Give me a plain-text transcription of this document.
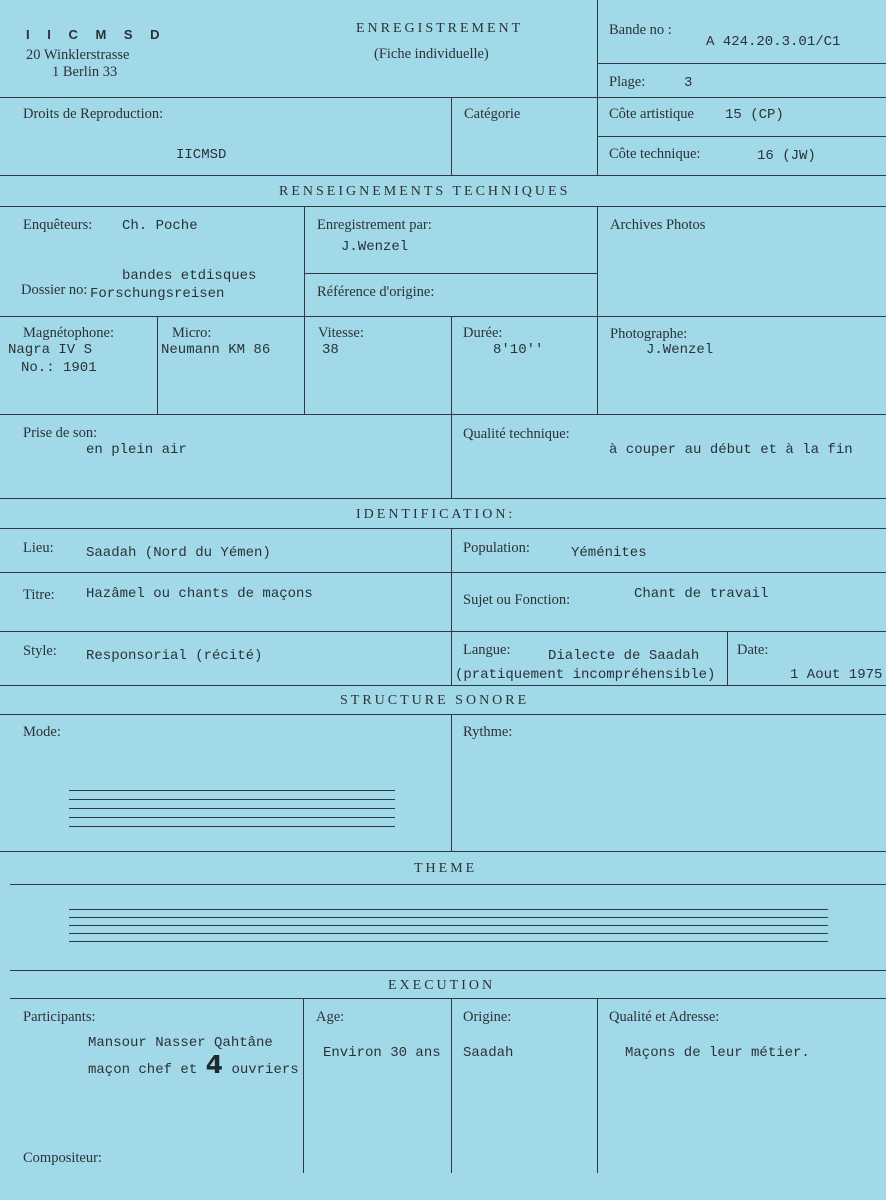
I I C M S D
20 Winklerstrasse
1 Berlin 33
ENREGISTREMENT
(Fiche individuelle)
Bande no :
A 424.20.3.01/C1
Plage:	3
Droits de Reproduction:
IICMSD
Catégorie	Côte artistique 15 (CP)
Côte technique:	16 (JW)
RENSEIGNEMENTS TECHNIQUES
Enquêteurs: Ch. Poche	Enregistrement par:
J.Wenzel
Archives Photos
Dossier no:
bandes etdisques
Forschungsreisen	Référence d'origine:
Magnétophone:
Nagra IV S
No.: 1901
Micro:
Neumann KM 86
Vitesse:
38
Durée:
8'10''
Photographe:
J.Wenzel
Prise de son:
en plein air
Qualité technique:
à couper au début et à la fin
IDENTIFICATION:
Lieu: Saadah (Nord du Yémen)	Population:	Yéménites
Titre: Hazâmel ou chants de maçons	Sujet ou Fonction:	Chant de travail
Style: Responsorial (récité)	Langue:	Dialecte de Saadah
(pratiquement incompréhensible)
Date:
1 Aout 1975
STRUCTURE SONORE
Mode:	Rythme:
THEME
EXECUTION
Participants:
Mansour Nasser Qahtâne
maçon chef et 4 ouvriers
Age:
Environ 30 ans
Origine:
Saadah
Qualité et Adresse:
Maçons de leur métier.
Compositeur:
